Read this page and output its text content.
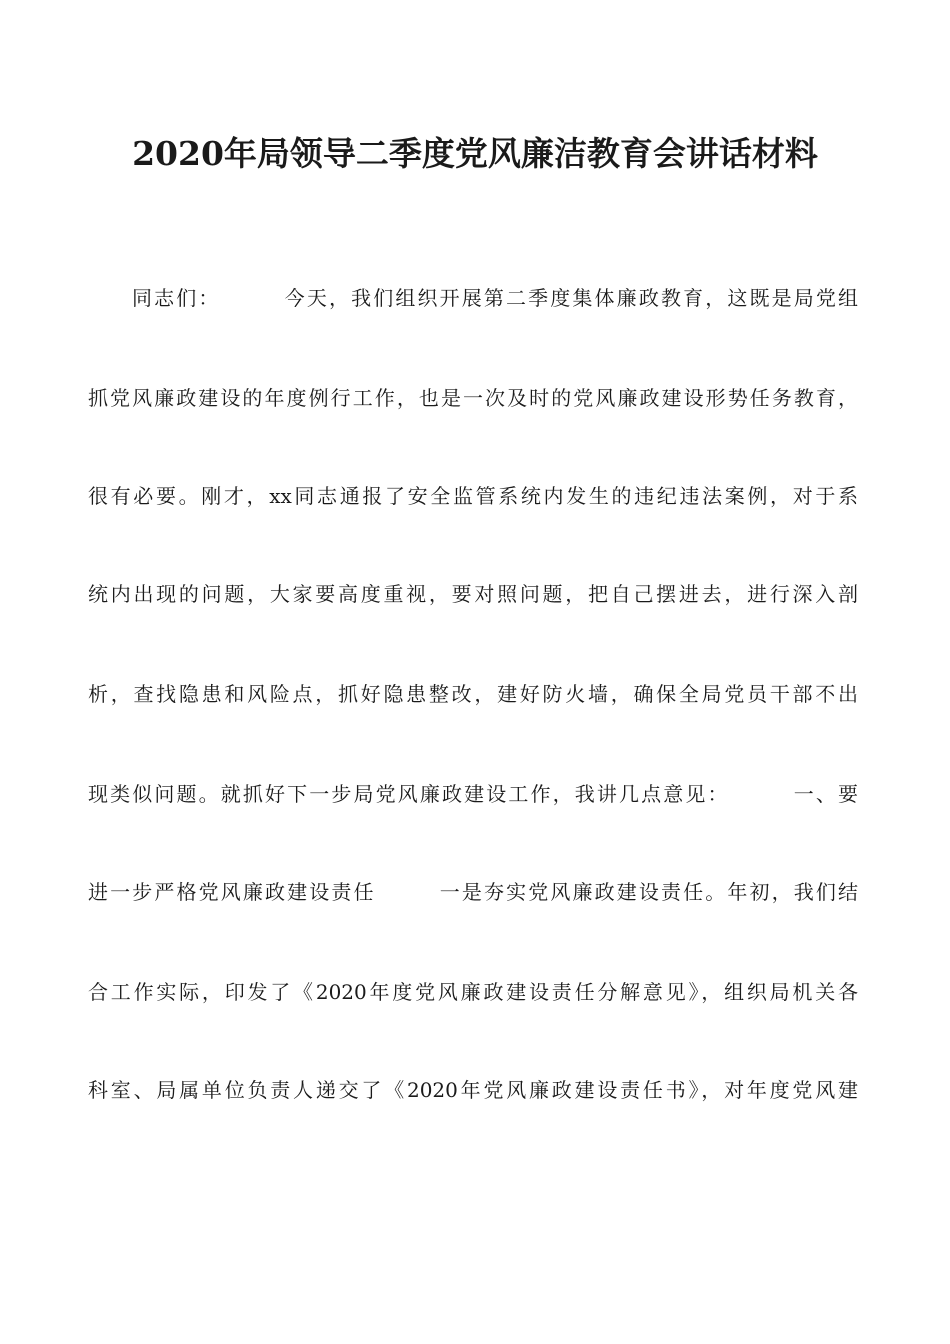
2020年局领导二季度党风廉洁教育会讲话材料
同志们：	今天，我们组织开展第二季度集体廉政教育，这既是局党组
抓党风廉政建设的年度例行工作，也是一次及时的党风廉政建设形势任务教育，
很有必要。刚才，xx同志通报了安全监管系统内发生的违纪违法案例，对于系
统内出现的问题，大家要高度重视，要对照问题，把自己摆进去，进行深入剖
析，查找隐患和风险点，抓好隐患整改，建好防火墙，确保全局党员干部不出
现类似问题。就抓好下一步局党风廉政建设工作，我讲几点意见：	一、要
进一步严格党风廉政建设责任	一是夯实党风廉政建设责任。年初，我们结
合工作实际，印发了《2020年度党风廉政建设责任分解意见》，组织局机关各
科室、局属单位负责人递交了《2020年党风廉政建设责任书》，对年度党风建
